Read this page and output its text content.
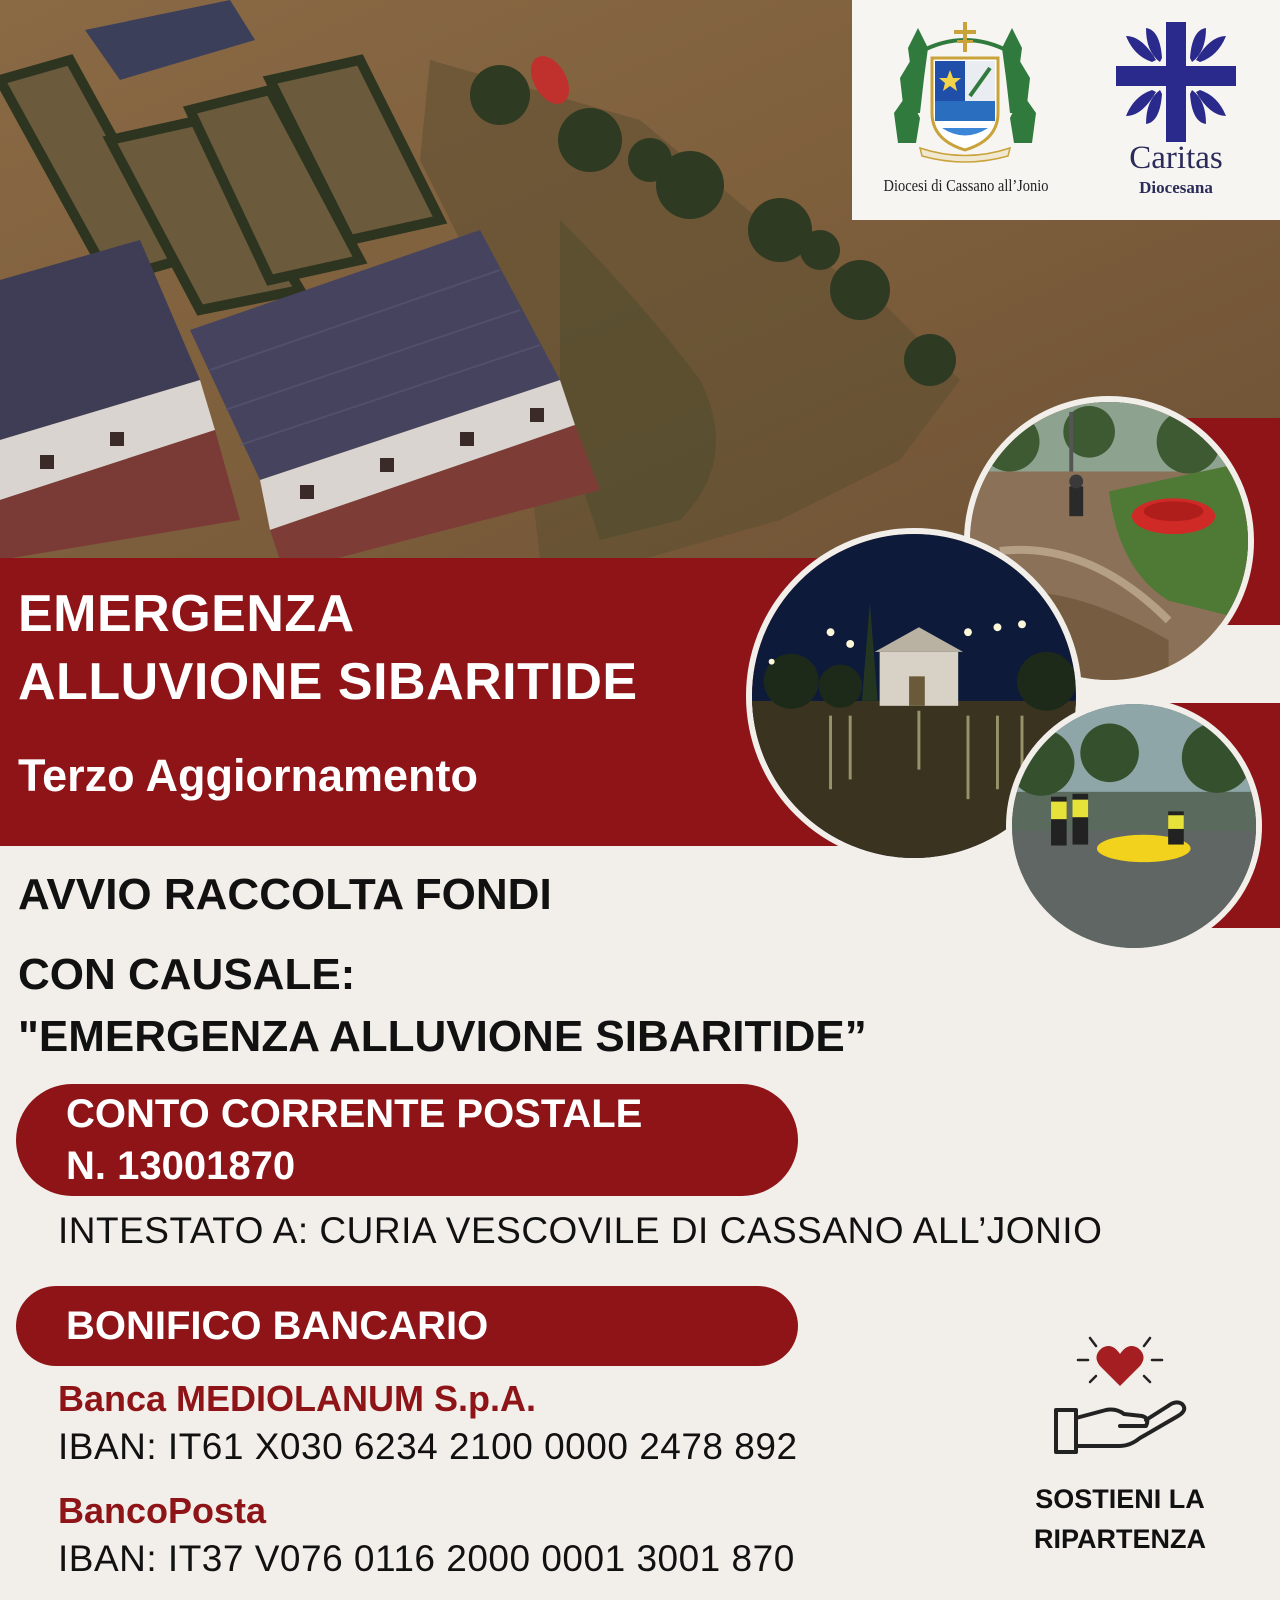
Diocesi di Cassano all’Jonio
Caritas
Diocesana
EMERGENZA
ALLUVIONE SIBARITIDE
Terzo Aggiornamento
AVVIO RACCOLTA FONDI
CON CAUSALE:
"EMERGENZA ALLUVIONE SIBARITIDE”
CONTO CORRENTE POSTALE
N. 13001870
INTESTATO A: CURIA VESCOVILE DI CASSANO ALL’JONIO
BONIFICO BANCARIO
Banca MEDIOLANUM S.p.A.
IBAN: IT61 X030 6234 2100 0000 2478 892
BancoPosta
IBAN: IT37 V076 0116 2000 0001 3001 870
SOSTIENI LA
RIPARTENZA
